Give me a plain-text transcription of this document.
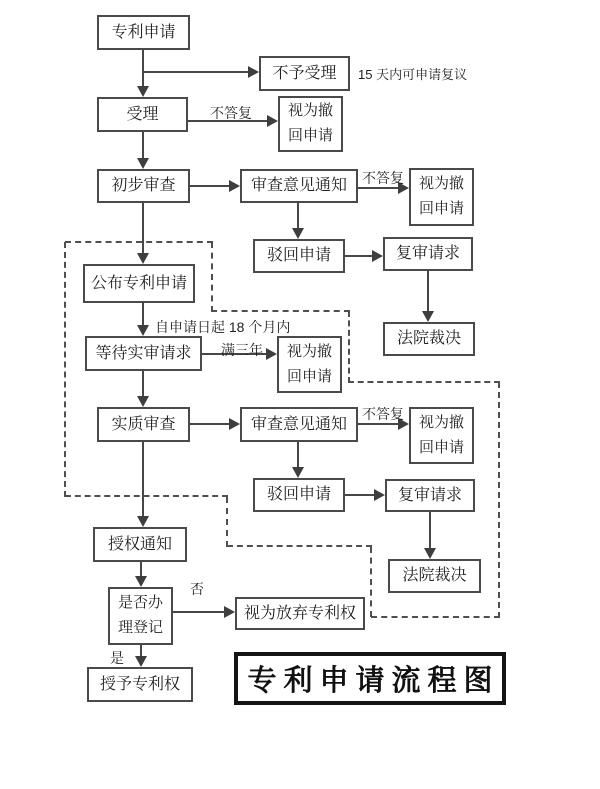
专利申请
不予受理
受理	视为撤回申请
初步审查	审查意见通知	视为撤回申请
驳回申请	复审请求
法院裁决
公布专利申请
等待实审请求	视为撤回申请
实质审查	审查意见通知	视为撤回申请
驳回申请	复审请求
法院裁决
授权通知
是否办理登记
视为放弃专利权
授予专利权
15 天内可申请复议
不答复
不答复
自申请日起 18 个月内
满三年
不答复
否
是
专利申请流程图
